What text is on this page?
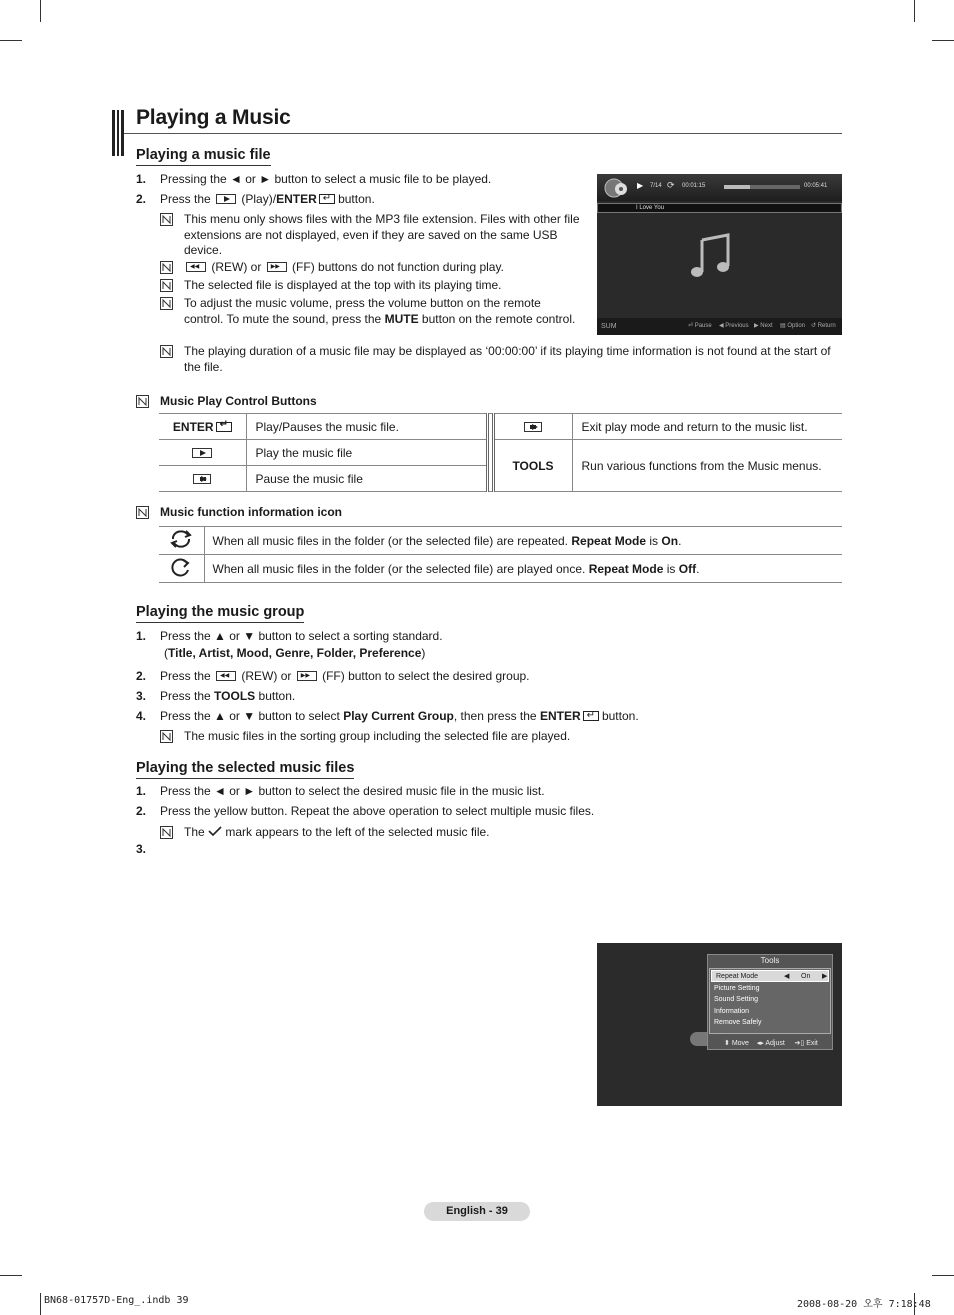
Playing a Music
Playing a music file
1. Pressing the ◄ or ► button to select a music file to be played.
2. Press the	(Play)/ENTER ↵ button.
This menu only shows files with the MP3 file extension. Files with other file extensions are not displayed, even if they are saved on the same USB device.
◀◀ (REW) or ▶▶	(FF) buttons do not function during play.
The selected file is displayed at the top with its playing time.
To adjust the music volume, press the volume button on the remote control. To mute the sound, press the MUTE button on the remote control.
The playing duration of a music file may be displayed as ‘00:00:00’ if its playing time information is not found at the start of the file.
▶ 7/14 ⟳ 00:01:15	00:05:41
I Love You
SUM	⏎ Pause ◀ Previous ▶ Next ▤ Option ↺ Return
Music Play Control Buttons
ENTER↵	Play/Pauses the music file.			Exit play mode and return to the music list.
	Play the music file		TOOLS	Run various functions from the Music menus.

	Pause the music file			
Music function information icon
	When all music files in the folder (or the selected file) are repeated. Repeat Mode is On.
	When all music files in the folder (or the selected file) are played once. Repeat Mode is Off.
Playing the music group
1. Press the ▲ or ▼ button to select a sorting standard.
(Title, Artist, Mood, Genre, Folder, Preference)
2. Press the ◀◀	(REW) or ▶▶	(FF) button to select the desired group.
3. Press the TOOLS button.
4. Press the ▲ or ▼ button to select Play Current Group, then press the ENTER ↵ button.
The music files in the sorting group including the selected file are played.
Playing the selected music files
1. Press the ◄ or ► button to select the desired music file in the music list.
2. Press the yellow button. Repeat the above operation to select multiple music files.
The mark appears to the left of the selected music file.
3.
Tools
Repeat Mode	◀ On ▶
Picture Setting
Sound Setting
Information
Remove Safely
⬍ Move ◂▸ Adjust ➔▯ Exit
English - 39
BN68-01757D-Eng_.indb 39	2008-08-20 오후 7:18:48
